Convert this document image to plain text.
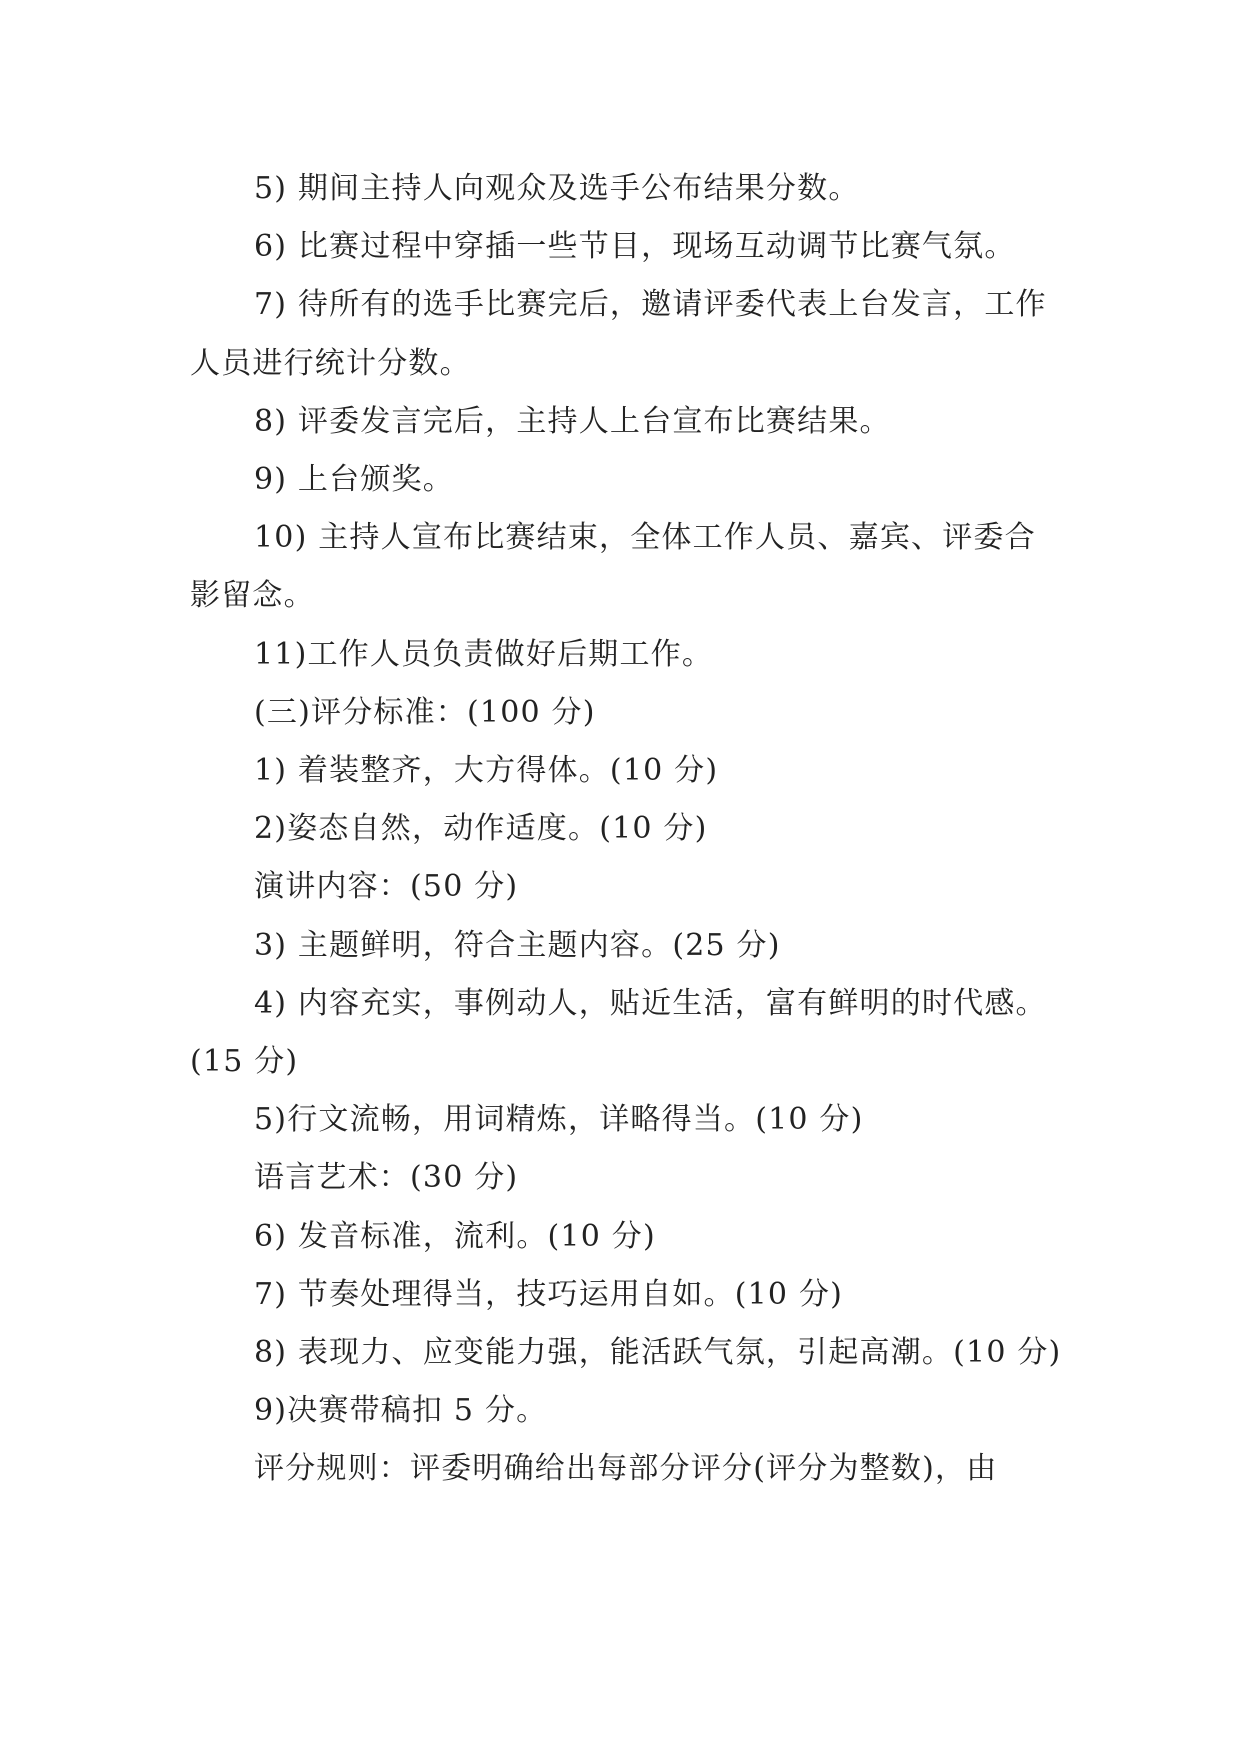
5) 期间主持人向观众及选手公布结果分数。

6) 比赛过程中穿插一些节目，现场互动调节比赛气氛。

7) 待所有的选手比赛完后，邀请评委代表上台发言，工作人员进行统计分数。

8) 评委发言完后，主持人上台宣布比赛结果。

9) 上台颁奖。

10) 主持人宣布比赛结束，全体工作人员、嘉宾、评委合影留念。

11)工作人员负责做好后期工作。

(三)评分标准：(100 分)

1) 着装整齐，大方得体。(10 分)

2)姿态自然，动作适度。(10 分)

演讲内容：(50 分)

3) 主题鲜明，符合主题内容。(25 分)

4) 内容充实，事例动人，贴近生活，富有鲜明的时代感。(15 分)

5)行文流畅，用词精炼，详略得当。(10 分)

语言艺术：(30 分)

6) 发音标准，流利。(10 分)

7) 节奏处理得当，技巧运用自如。(10 分)

8) 表现力、应变能力强，能活跃气氛，引起高潮。(10 分)

9)决赛带稿扣 5 分。

评分规则：评委明确给出每部分评分(评分为整数)，由
